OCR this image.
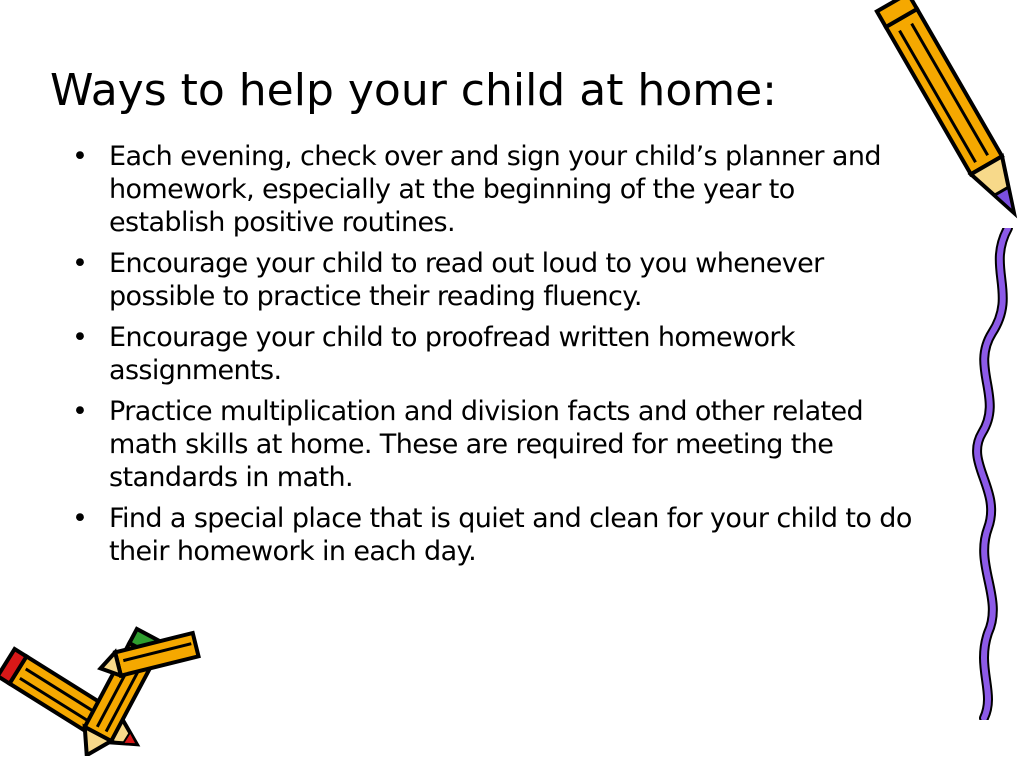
Ways to help your child at home:
• Each evening, check over and sign your child’s planner and homework, especially at the beginning of the year to establish positive routines.
• Encourage your child to read out loud to you whenever possible to practice their reading fluency.
• Encourage your child to proofread written homework assignments.
• Practice multiplication and division facts and other related math skills at home. These are required for meeting the standards in math.
• Find a special place that is quiet and clean for your child to do their homework in each day.
